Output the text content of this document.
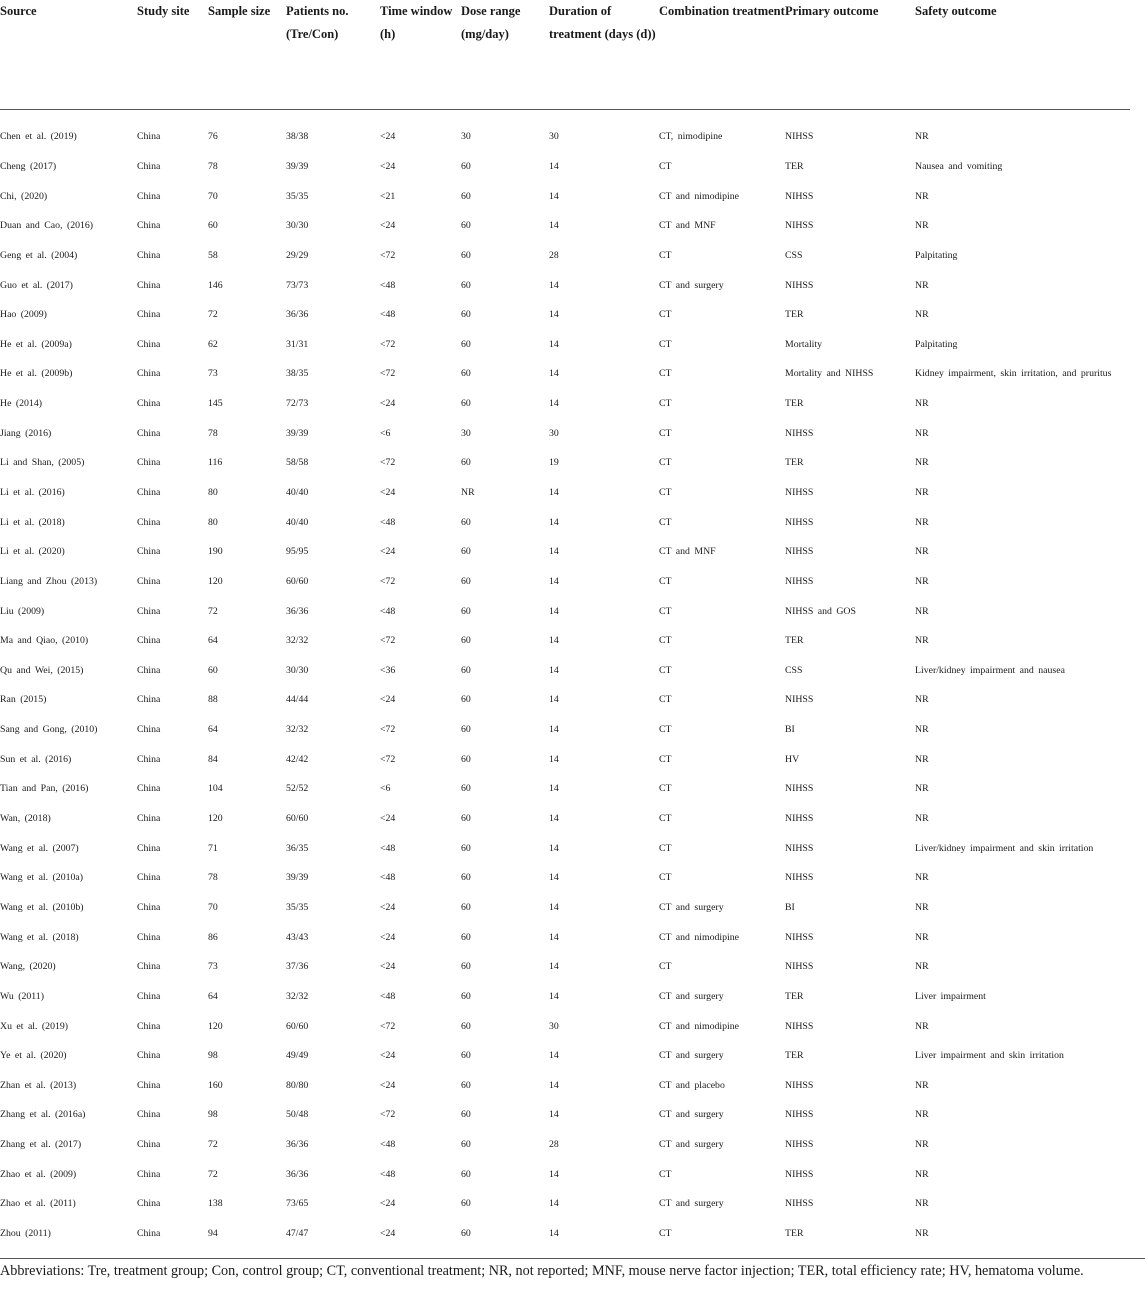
Source	Study site	Sample size	Patients no. (Tre/Con)	Time window (h)	Dose range (mg/day)	Duration of treatment (days (d))	Combination treatment	Primary outcome	Safety outcome
Chen et al. (2019)	China	76	38/38	<24	30	30	CT, nimodipine	NIHSS	NR
Cheng (2017)	China	78	39/39	<24	60	14	CT	TER	Nausea and vomiting
Chi, (2020)	China	70	35/35	<21	60	14	CT and nimodipine	NIHSS	NR
Duan and Cao, (2016)	China	60	30/30	<24	60	14	CT and MNF	NIHSS	NR
Geng et al. (2004)	China	58	29/29	<72	60	28	CT	CSS	Palpitating
Guo et al. (2017)	China	146	73/73	<48	60	14	CT and surgery	NIHSS	NR
Hao (2009)	China	72	36/36	<48	60	14	CT	TER	NR
He et al. (2009a)	China	62	31/31	<72	60	14	CT	Mortality	Palpitating
He et al. (2009b)	China	73	38/35	<72	60	14	CT	Mortality and NIHSS	Kidney impairment, skin irritation, and pruritus
He (2014)	China	145	72/73	<24	60	14	CT	TER	NR
Jiang (2016)	China	78	39/39	<6	30	30	CT	NIHSS	NR
Li and Shan, (2005)	China	116	58/58	<72	60	19	CT	TER	NR
Li et al. (2016)	China	80	40/40	<24	NR	14	CT	NIHSS	NR
Li et al. (2018)	China	80	40/40	<48	60	14	CT	NIHSS	NR
Li et al. (2020)	China	190	95/95	<24	60	14	CT and MNF	NIHSS	NR
Liang and Zhou (2013)	China	120	60/60	<72	60	14	CT	NIHSS	NR
Liu (2009)	China	72	36/36	<48	60	14	CT	NIHSS and GOS	NR
Ma and Qiao, (2010)	China	64	32/32	<72	60	14	CT	TER	NR
Qu and Wei, (2015)	China	60	30/30	<36	60	14	CT	CSS	Liver/kidney impairment and nausea
Ran (2015)	China	88	44/44	<24	60	14	CT	NIHSS	NR
Sang and Gong, (2010)	China	64	32/32	<72	60	14	CT	BI	NR
Sun et al. (2016)	China	84	42/42	<72	60	14	CT	HV	NR
Tian and Pan, (2016)	China	104	52/52	<6	60	14	CT	NIHSS	NR
Wan, (2018)	China	120	60/60	<24	60	14	CT	NIHSS	NR
Wang et al. (2007)	China	71	36/35	<48	60	14	CT	NIHSS	Liver/kidney impairment and skin irritation
Wang et al. (2010a)	China	78	39/39	<48	60	14	CT	NIHSS	NR
Wang et al. (2010b)	China	70	35/35	<24	60	14	CT and surgery	BI	NR
Wang et al. (2018)	China	86	43/43	<24	60	14	CT and nimodipine	NIHSS	NR
Wang, (2020)	China	73	37/36	<24	60	14	CT	NIHSS	NR
Wu (2011)	China	64	32/32	<48	60	14	CT and surgery	TER	Liver impairment
Xu et al. (2019)	China	120	60/60	<72	60	30	CT and nimodipine	NIHSS	NR
Ye et al. (2020)	China	98	49/49	<24	60	14	CT and surgery	TER	Liver impairment and skin irritation
Zhan et al. (2013)	China	160	80/80	<24	60	14	CT and placebo	NIHSS	NR
Zhang et al. (2016a)	China	98	50/48	<72	60	14	CT and surgery	NIHSS	NR
Zhang et al. (2017)	China	72	36/36	<48	60	28	CT and surgery	NIHSS	NR
Zhao et al. (2009)	China	72	36/36	<48	60	14	CT	NIHSS	NR
Zhao et al. (2011)	China	138	73/65	<24	60	14	CT and surgery	NIHSS	NR
Zhou (2011)	China	94	47/47	<24	60	14	CT	TER	NR
Abbreviations: Tre, treatment group; Con, control group; CT, conventional treatment; NR, not reported; MNF, mouse nerve factor injection; TER, total efficiency rate; HV, hematoma volume.
